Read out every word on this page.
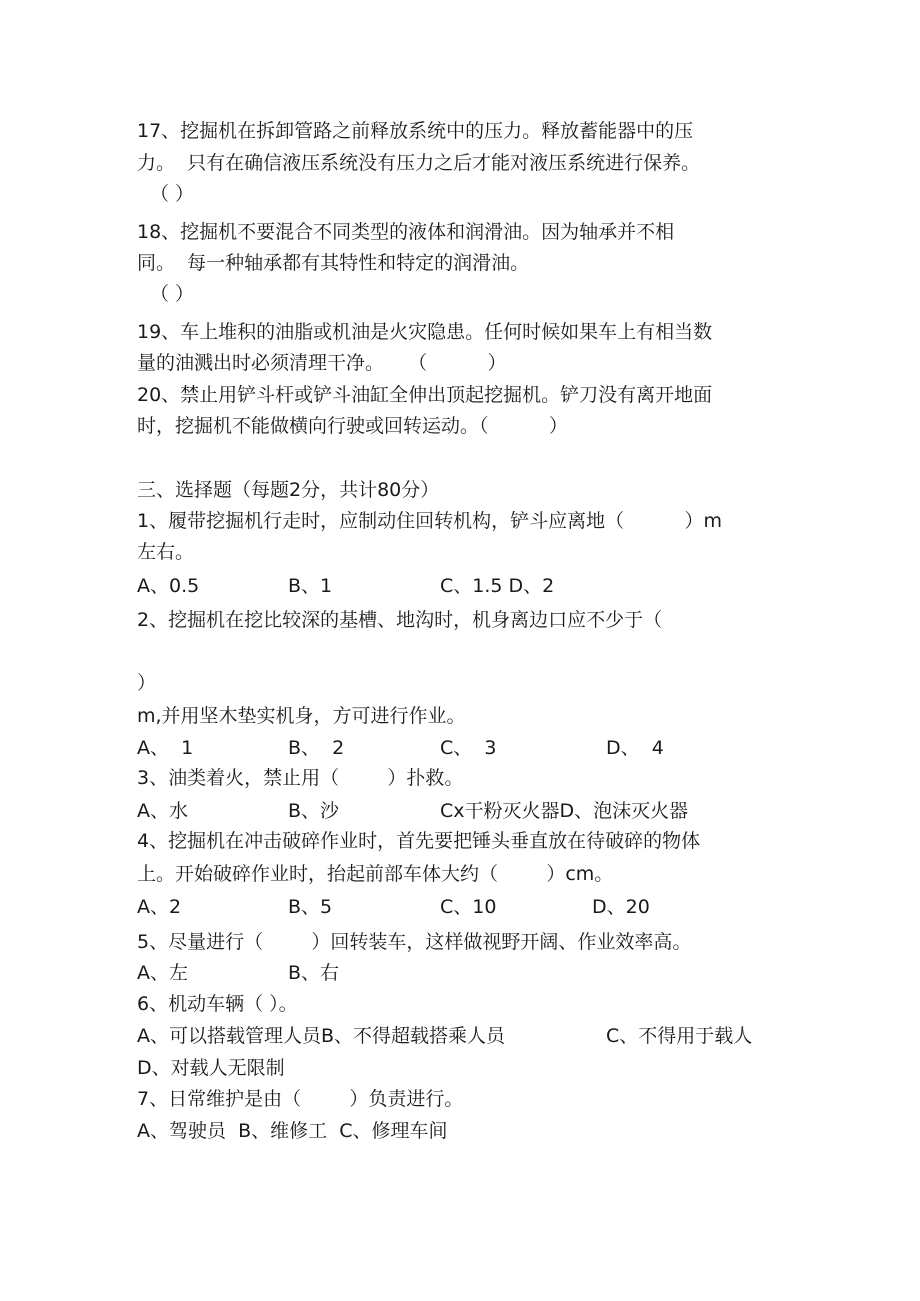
17、挖掘机在拆卸管路之前释放系统中的压力。释放蓄能器中的压

力。  只有在确信液压系统没有压力之后才能对液压系统进行保养。

（ ）

18、挖掘机不要混合不同类型的液体和润滑油。因为轴承并不相

同。  每一种轴承都有其特性和特定的润滑油。

（ ）

19、车上堆积的油脂或机油是火灾隐患。任何时候如果车上有相当数

量的油溅出时必须清理干净。    （          ）

20、禁止用铲斗杆或铲斗油缸全伸出顶起挖掘机。铲刀没有离开地面

时，挖掘机不能做横向行驶或回转运动。（          ）

三、选择题（每题2分，共计80分）

1、履带挖掘机行走时，应制动住回转机构，铲斗应离地（          ）m

左右。

A、0.5	B、1	C、1.5 D、2

2、挖掘机在挖比较深的基槽、地沟时，机身离边口应不少于（

）

m,并用坚木垫实机身，方可进行作业。

A、  1	B、  2	C、  3	D、  4

3、油类着火，禁止用（        ）扑救。

A、水	B、沙	Cx干粉灭火器D、泡沫灭火器

4、挖掘机在冲击破碎作业时，首先要把锤头垂直放在待破碎的物体

上。开始破碎作业时，抬起前部车体大约（        ）cm。

A、2	B、5	C、10	D、20

5、尽量进行（        ）回转装车，这样做视野开阔、作业效率高。

A、左	B、右

6、机动车辆（ ）。

A、可以搭载管理人员B、不得超载搭乘人员	C、不得用于载人

D、对载人无限制

7、日常维护是由（        ）负责进行。

A、驾驶员  B、维修工  C、修理车间
